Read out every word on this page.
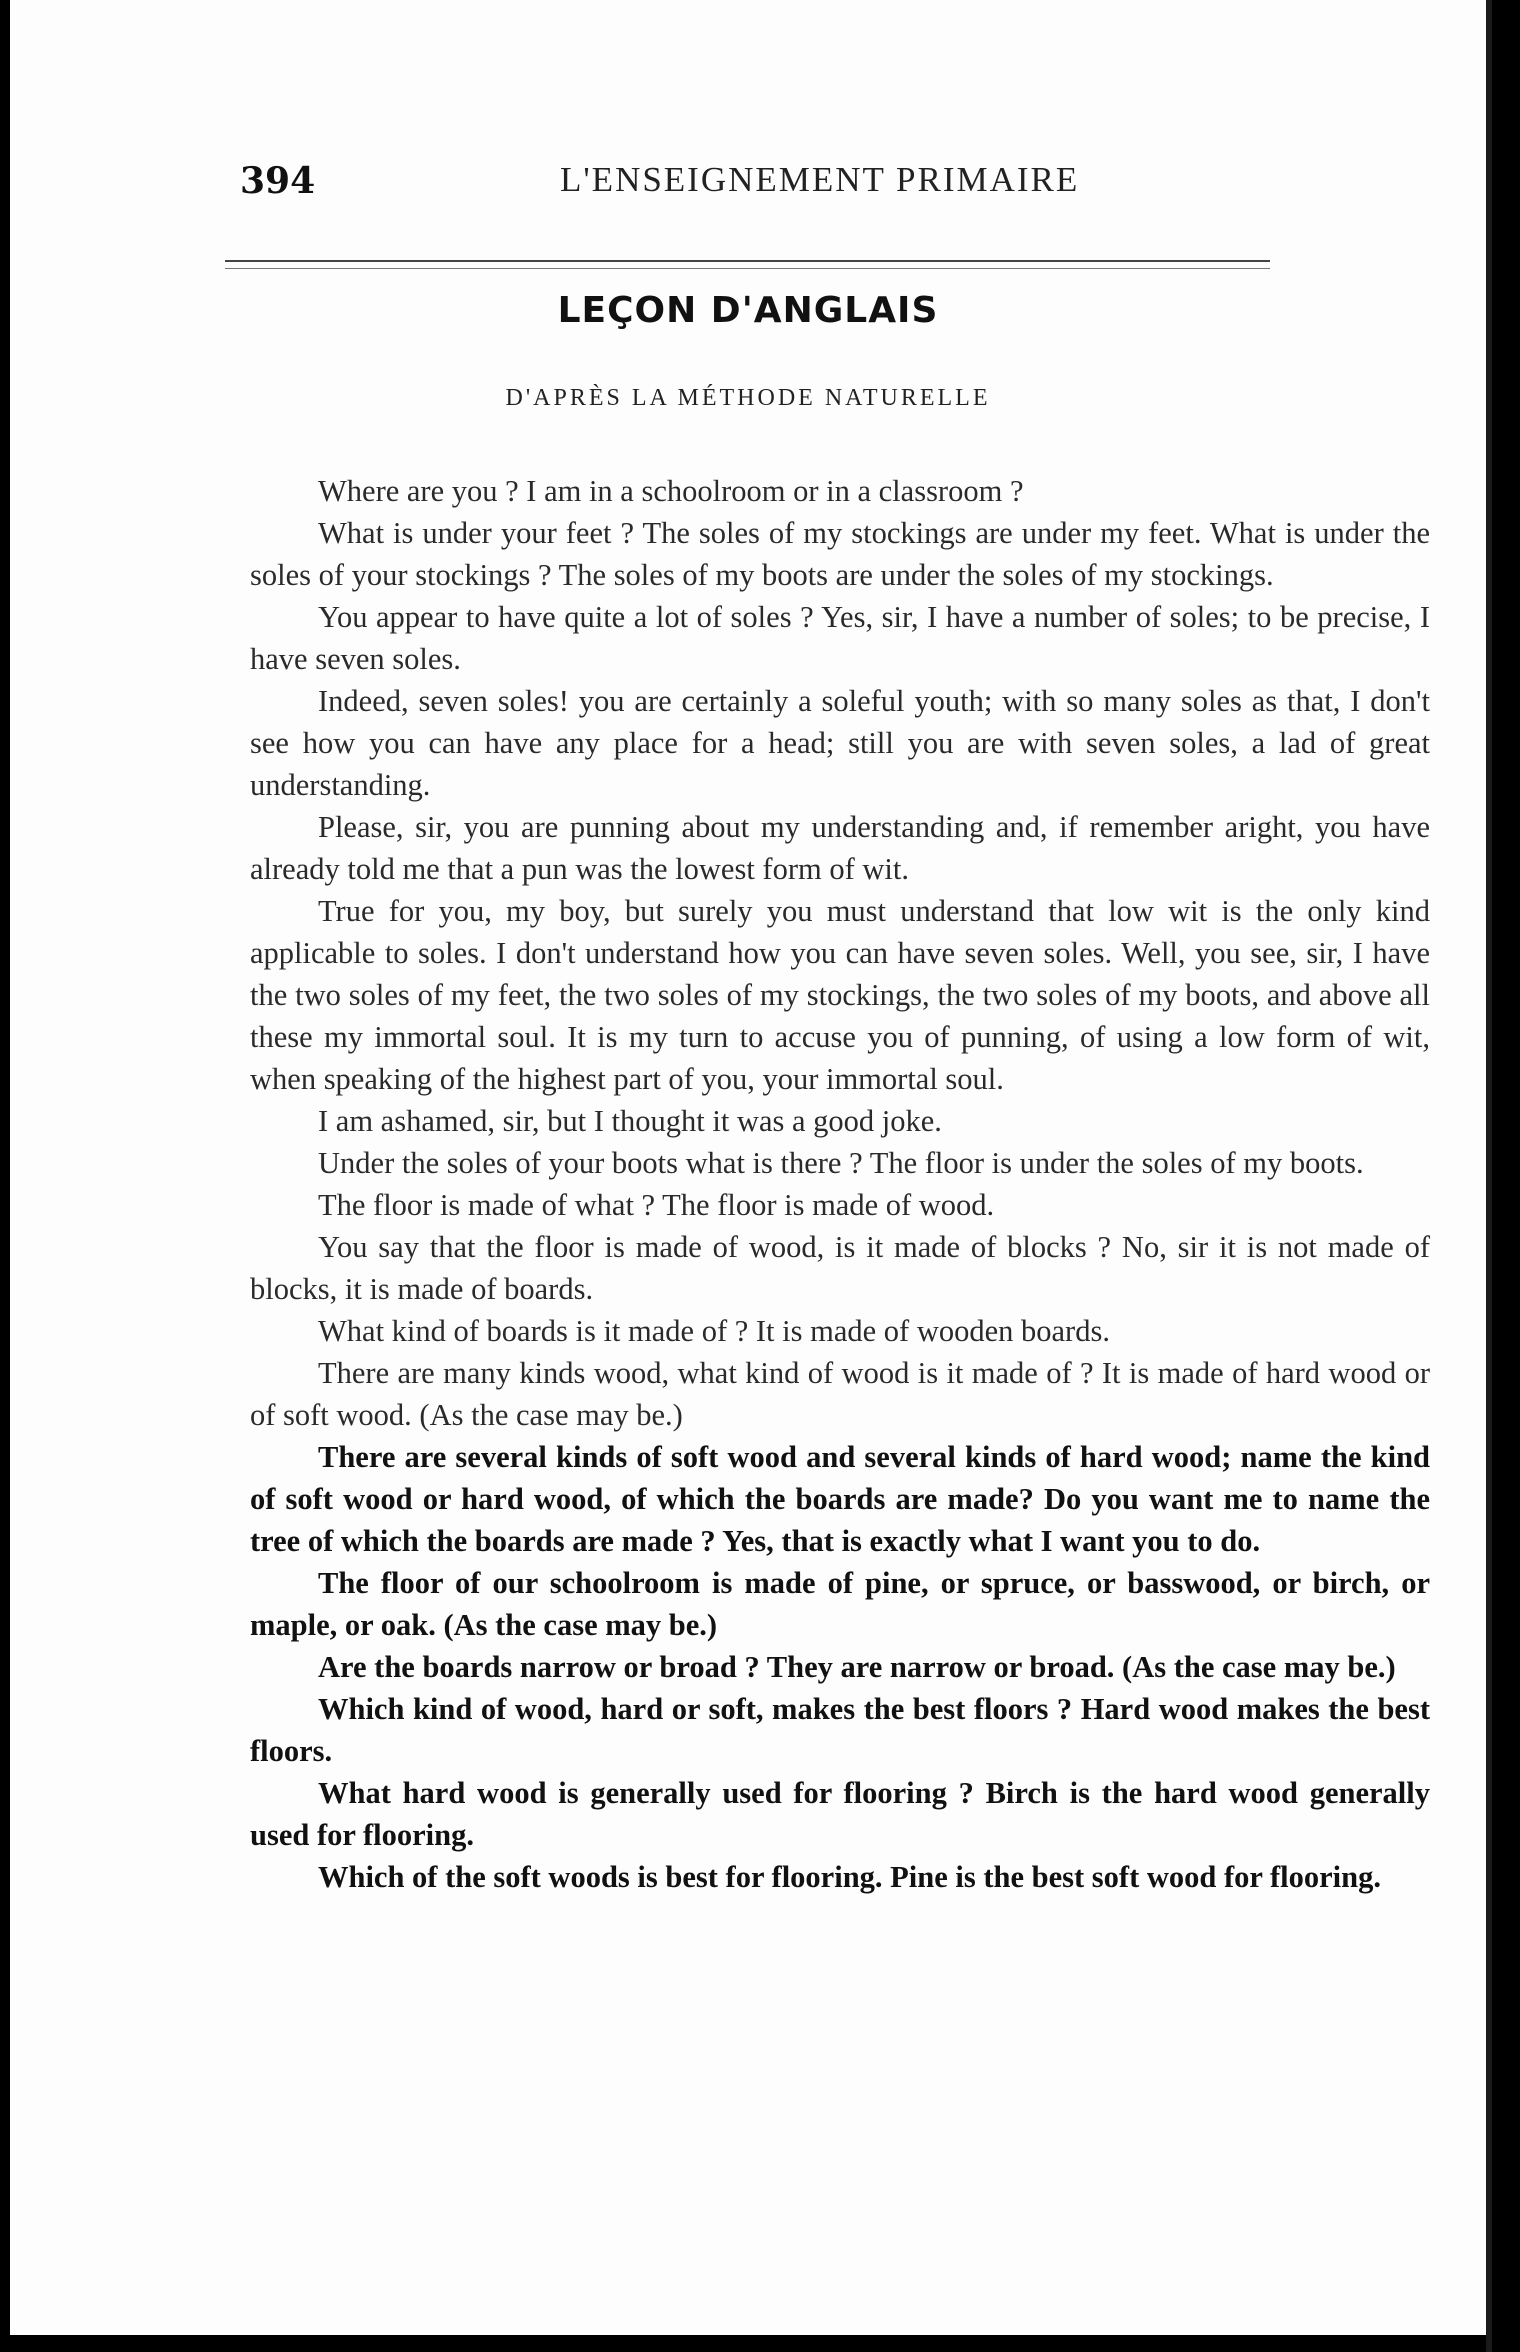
394	L'ENSEIGNEMENT PRIMAIRE
LEÇON D'ANGLAIS
D'APRÈS LA MÉTHODE NATURELLE

Where are you ? I am in a schoolroom or in a classroom ?

What is under your feet ? The soles of my stockings are under my feet. What is under the soles of your stockings ? The soles of my boots are under the soles of my stockings.

You appear to have quite a lot of soles ? Yes, sir, I have a number of soles; to be precise, I have seven soles.

Indeed, seven soles! you are certainly a soleful youth; with so many soles as that, I don't see how you can have any place for a head; still you are with seven soles, a lad of great understanding.

Please, sir, you are punning about my understanding and, if remember aright, you have already told me that a pun was the lowest form of wit.

True for you, my boy, but surely you must understand that low wit is the only kind applicable to soles. I don't understand how you can have seven soles. Well, you see, sir, I have the two soles of my feet, the two soles of my stockings, the two soles of my boots, and above all these my immortal soul. It is my turn to accuse you of punning, of using a low form of wit, when speaking of the highest part of you, your immortal soul.

I am ashamed, sir, but I thought it was a good joke.

Under the soles of your boots what is there ? The floor is under the soles of my boots.

The floor is made of what ? The floor is made of wood.

You say that the floor is made of wood, is it made of blocks ? No, sir it is not made of blocks, it is made of boards.

What kind of boards is it made of ? It is made of wooden boards.

There are many kinds wood, what kind of wood is it made of ? It is made of hard wood or of soft wood. (As the case may be.)

There are several kinds of soft wood and several kinds of hard wood; name the kind of soft wood or hard wood, of which the boards are made? Do you want me to name the tree of which the boards are made ? Yes, that is exactly what I want you to do.

The floor of our schoolroom is made of pine, or spruce, or basswood, or birch, or maple, or oak. (As the case may be.)

Are the boards narrow or broad ? They are narrow or broad. (As the case may be.)

Which kind of wood, hard or soft, makes the best floors ? Hard wood makes the best floors.

What hard wood is generally used for flooring ? Birch is the hard wood generally used for flooring.

Which of the soft woods is best for flooring. Pine is the best soft wood for flooring.
